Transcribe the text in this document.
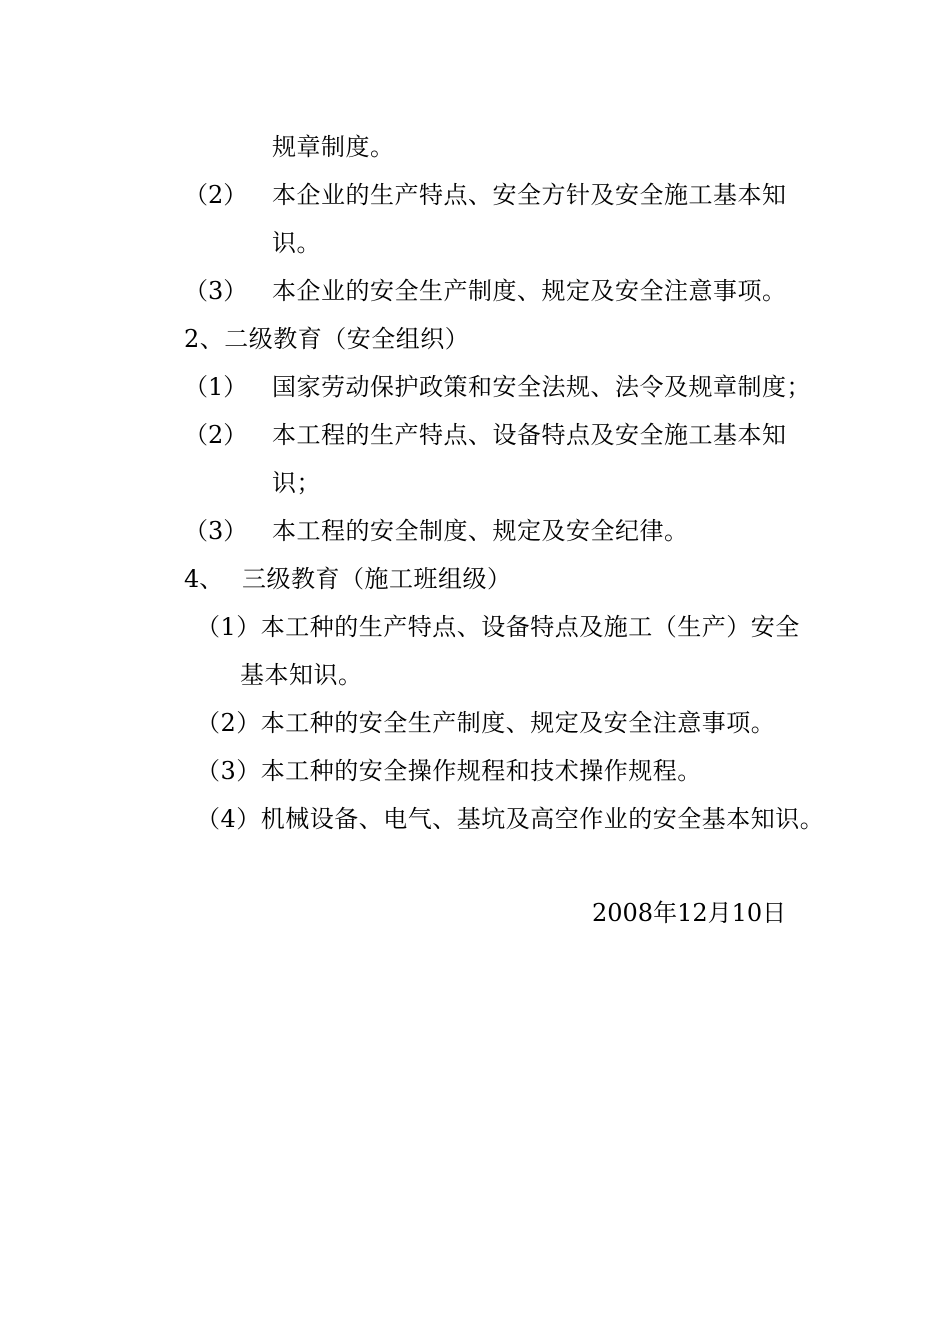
规章制度。
（2） 本企业的生产特点、安全方针及安全施工基本知
识。
（3） 本企业的安全生产制度、规定及安全注意事项。
2、二级教育（安全组织）
（1） 国家劳动保护政策和安全法规、法令及规章制度；
（2） 本工程的生产特点、设备特点及安全施工基本知
识；
（3） 本工程的安全制度、规定及安全纪律。
4、 三级教育（施工班组级）
（1）本工种的生产特点、设备特点及施工（生产）安全
基本知识。
（2）本工种的安全生产制度、规定及安全注意事项。
（3）本工种的安全操作规程和技术操作规程。
（4）机械设备、电气、基坑及高空作业的安全基本知识。
2008年12月10日
